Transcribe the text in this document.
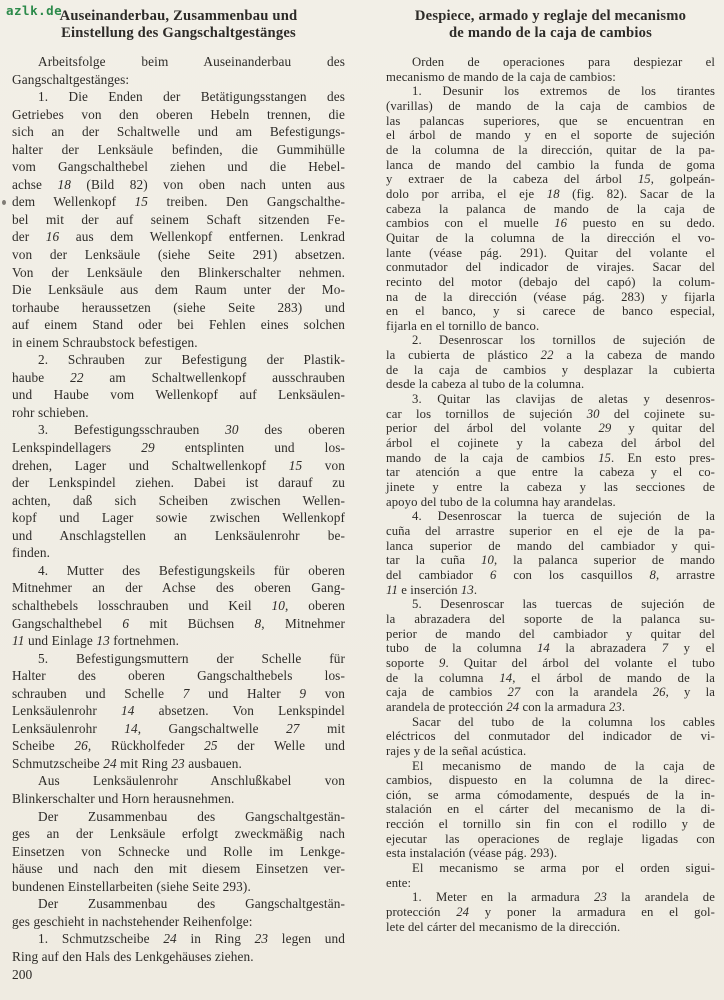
azlk.de
Auseinanderbau, Zusammenbau und
Einstellung des Gangschaltgestänges
Arbeitsfolge beim Auseinanderbau des
Gangschaltgestänges:
1. Die Enden der Betätigungsstangen des
Getriebes von den oberen Hebeln trennen, die
sich an der Schaltwelle und am Befestigungs-
halter der Lenksäule befinden, die Gummihülle
vom Gangschalthebel ziehen und die Hebel-
achse 18 (Bild 82) von oben nach unten aus
dem Wellenkopf 15 treiben. Den Gangschalthe-
bel mit der auf seinem Schaft sitzenden Fe-
der 16 aus dem Wellenkopf entfernen. Lenkrad
von der Lenksäule (siehe Seite 291) absetzen.
Von der Lenksäule den Blinkerschalter nehmen.
Die Lenksäule aus dem Raum unter der Mo-
torhaube heraussetzen (siehe Seite 283) und
auf einem Stand oder bei Fehlen eines solchen
in einem Schraubstock befestigen.
2. Schrauben zur Befestigung der Plastik-
haube 22 am Schaltwellenkopf ausschrauben
und Haube vom Wellenkopf auf Lenksäulen-
rohr schieben.
3. Befestigungsschrauben 30 des oberen
Lenkspindellagers 29 entsplinten und los-
drehen, Lager und Schaltwellenkopf 15 von
der Lenkspindel ziehen. Dabei ist darauf zu
achten, daß sich Scheiben zwischen Wellen-
kopf und Lager sowie zwischen Wellenkopf
und Anschlagstellen an Lenksäulenrohr be-
finden.
4. Mutter des Befestigungskeils für oberen
Mitnehmer an der Achse des oberen Gang-
schalthebels losschrauben und Keil 10, oberen
Gangschalthebel 6 mit Büchsen 8, Mitnehmer
11 und Einlage 13 fortnehmen.
5. Befestigungsmuttern der Schelle für
Halter des oberen Gangschalthebels los-
schrauben und Schelle 7 und Halter 9 von
Lenksäulenrohr 14 absetzen. Von Lenkspindel
Lenksäulenrohr 14, Gangschaltwelle 27 mit
Scheibe 26, Rückholfeder 25 der Welle und
Schmutzscheibe 24 mit Ring 23 ausbauen.
Aus Lenksäulenrohr Anschlußkabel von
Blinkerschalter und Horn herausnehmen.
Der Zusammenbau des Gangschaltgestän-
ges an der Lenksäule erfolgt zweckmäßig nach
Einsetzen von Schnecke und Rolle im Lenkge-
häuse und nach den mit diesem Einsetzen ver-
bundenen Einstellarbeiten (siehe Seite 293).
Der Zusammenbau des Gangschaltgestän-
ges geschieht in nachstehender Reihenfolge:
1. Schmutzscheibe 24 in Ring 23 legen und
Ring auf den Hals des Lenkgehäuses ziehen.
Despiece, armado y reglaje del mecanismo
de mando de la caja de cambios
Orden de operaciones para despiezar el
mecanismo de mando de la caja de cambios:
1. Desunir los extremos de los tirantes
(varillas) de mando de la caja de cambios de
las palancas superiores, que se encuentran en
el árbol de mando y en el soporte de sujeción
de la columna de la dirección, quitar de la pa-
lanca de mando del cambio la funda de goma
y extraer de la cabeza del árbol 15, golpeán-
dolo por arriba, el eje 18 (fig. 82). Sacar de la
cabeza la palanca de mando de la caja de
cambios con el muelle 16 puesto en su dedo.
Quitar de la columna de la dirección el vo-
lante (véase pág. 291). Quitar del volante el
conmutador del indicador de virajes. Sacar del
recinto del motor (debajo del capó) la colum-
na de la dirección (véase pág. 283) y fijarla
en el banco, y si carece de banco especial,
fijarla en el tornillo de banco.
2. Desenroscar los tornillos de sujeción de
la cubierta de plástico 22 a la cabeza de mando
de la caja de cambios y desplazar la cubierta
desde la cabeza al tubo de la columna.
3. Quitar las clavijas de aletas y desenros-
car los tornillos de sujeción 30 del cojinete su-
perior del árbol del volante 29 y quitar del
árbol el cojinete y la cabeza del árbol del
mando de la caja de cambios 15. En esto pres-
tar atención a que entre la cabeza y el co-
jinete y entre la cabeza y las secciones de
apoyo del tubo de la columna hay arandelas.
4. Desenroscar la tuerca de sujeción de la
cuña del arrastre superior en el eje de la pa-
lanca superior de mando del cambiador y qui-
tar la cuña 10, la palanca superior de mando
del cambiador 6 con los casquillos 8, arrastre
11 e inserción 13.
5. Desenroscar las tuercas de sujeción de
la abrazadera del soporte de la palanca su-
perior de mando del cambiador y quitar del
tubo de la columna 14 la abrazadera 7 y el
soporte 9. Quitar del árbol del volante el tubo
de la columna 14, el árbol de mando de la
caja de cambios 27 con la arandela 26, y la
arandela de protección 24 con la armadura 23.
Sacar del tubo de la columna los cables
eléctricos del conmutador del indicador de vi-
rajes y de la señal acústica.
El mecanismo de mando de la caja de
cambios, dispuesto en la columna de la direc-
ción, se arma cómodamente, después de la in-
stalación en el cárter del mecanismo de la di-
rección el tornillo sin fin con el rodillo y de
ejecutar las operaciones de reglaje ligadas con
esta instalación (véase pág. 293).
El mecanismo se arma por el orden sigui-
ente:
1. Meter en la armadura 23 la arandela de
protección 24 y poner la armadura en el gol-
lete del cárter del mecanismo de la dirección.
200
